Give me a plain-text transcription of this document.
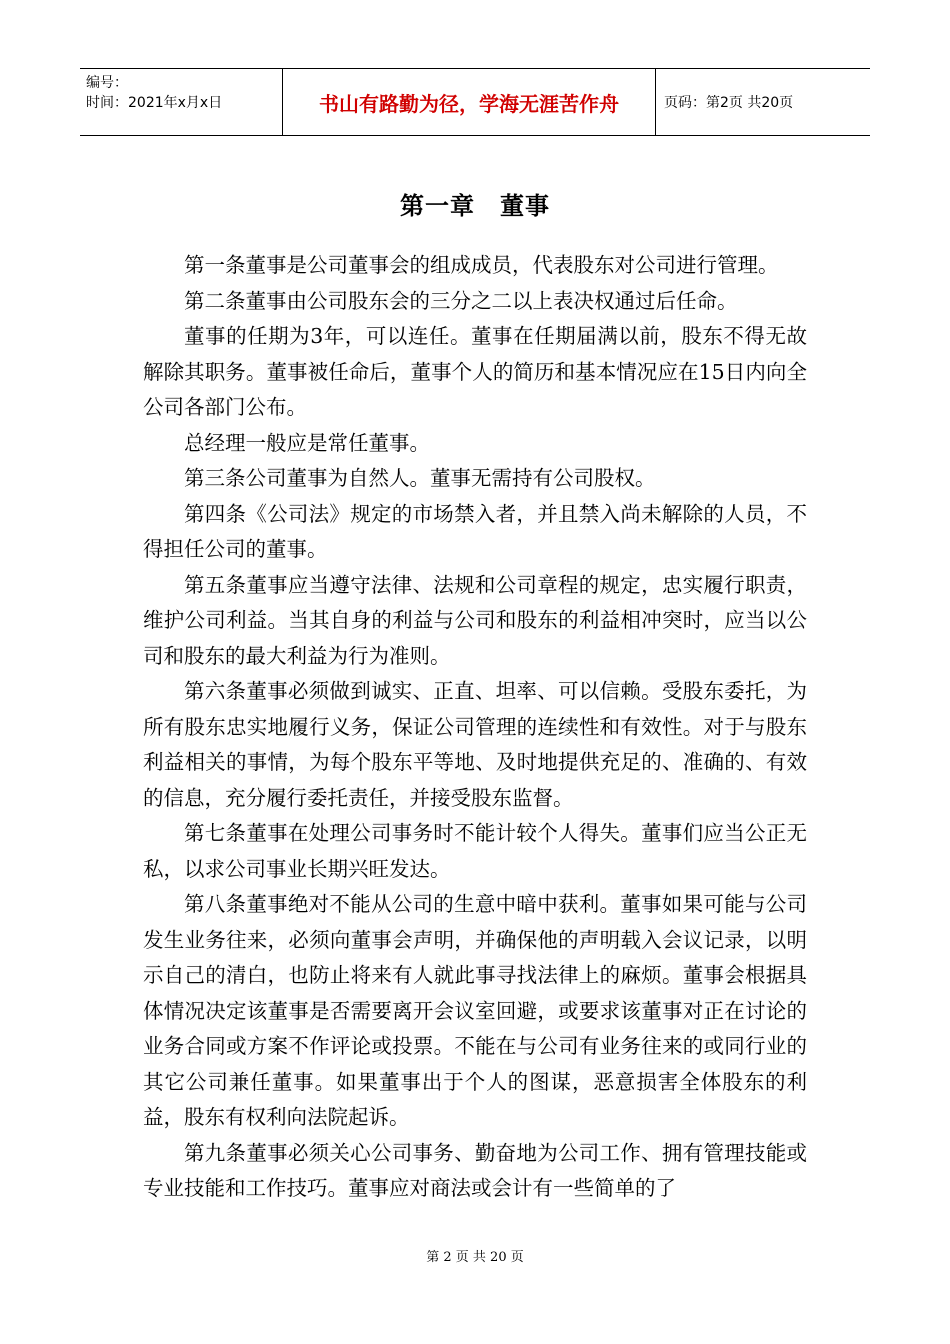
编号：
时间：2021年x月x日	书山有路勤为径，学海无涯苦作舟	页码：第2页 共20页
第一章　董事

第一条董事是公司董事会的组成成员，代表股东对公司进行管理。

第二条董事由公司股东会的三分之二以上表决权通过后任命。

董事的任期为3年，可以连任。董事在任期届满以前，股东不得无故解除其职务。董事被任命后，董事个人的简历和基本情况应在15日内向全公司各部门公布。

总经理一般应是常任董事。

第三条公司董事为自然人。董事无需持有公司股权。

第四条《公司法》规定的市场禁入者，并且禁入尚未解除的人员，不得担任公司的董事。

第五条董事应当遵守法律、法规和公司章程的规定，忠实履行职责，维护公司利益。当其自身的利益与公司和股东的利益相冲突时，应当以公司和股东的最大利益为行为准则。

第六条董事必须做到诚实、正直、坦率、可以信赖。受股东委托，为所有股东忠实地履行义务，保证公司管理的连续性和有效性。对于与股东利益相关的事情，为每个股东平等地、及时地提供充足的、准确的、有效的信息，充分履行委托责任，并接受股东监督。

第七条董事在处理公司事务时不能计较个人得失。董事们应当公正无私，以求公司事业长期兴旺发达。

第八条董事绝对不能从公司的生意中暗中获利。董事如果可能与公司发生业务往来，必须向董事会声明，并确保他的声明载入会议记录，以明示自己的清白，也防止将来有人就此事寻找法律上的麻烦。董事会根据具体情况决定该董事是否需要离开会议室回避，或要求该董事对正在讨论的业务合同或方案不作评论或投票。不能在与公司有业务往来的或同行业的其它公司兼任董事。如果董事出于个人的图谋，恶意损害全体股东的利益，股东有权利向法院起诉。

第九条董事必须关心公司事务、勤奋地为公司工作、拥有管理技能或专业技能和工作技巧。董事应对商法或会计有一些简单的了

第 2 页 共 20 页
